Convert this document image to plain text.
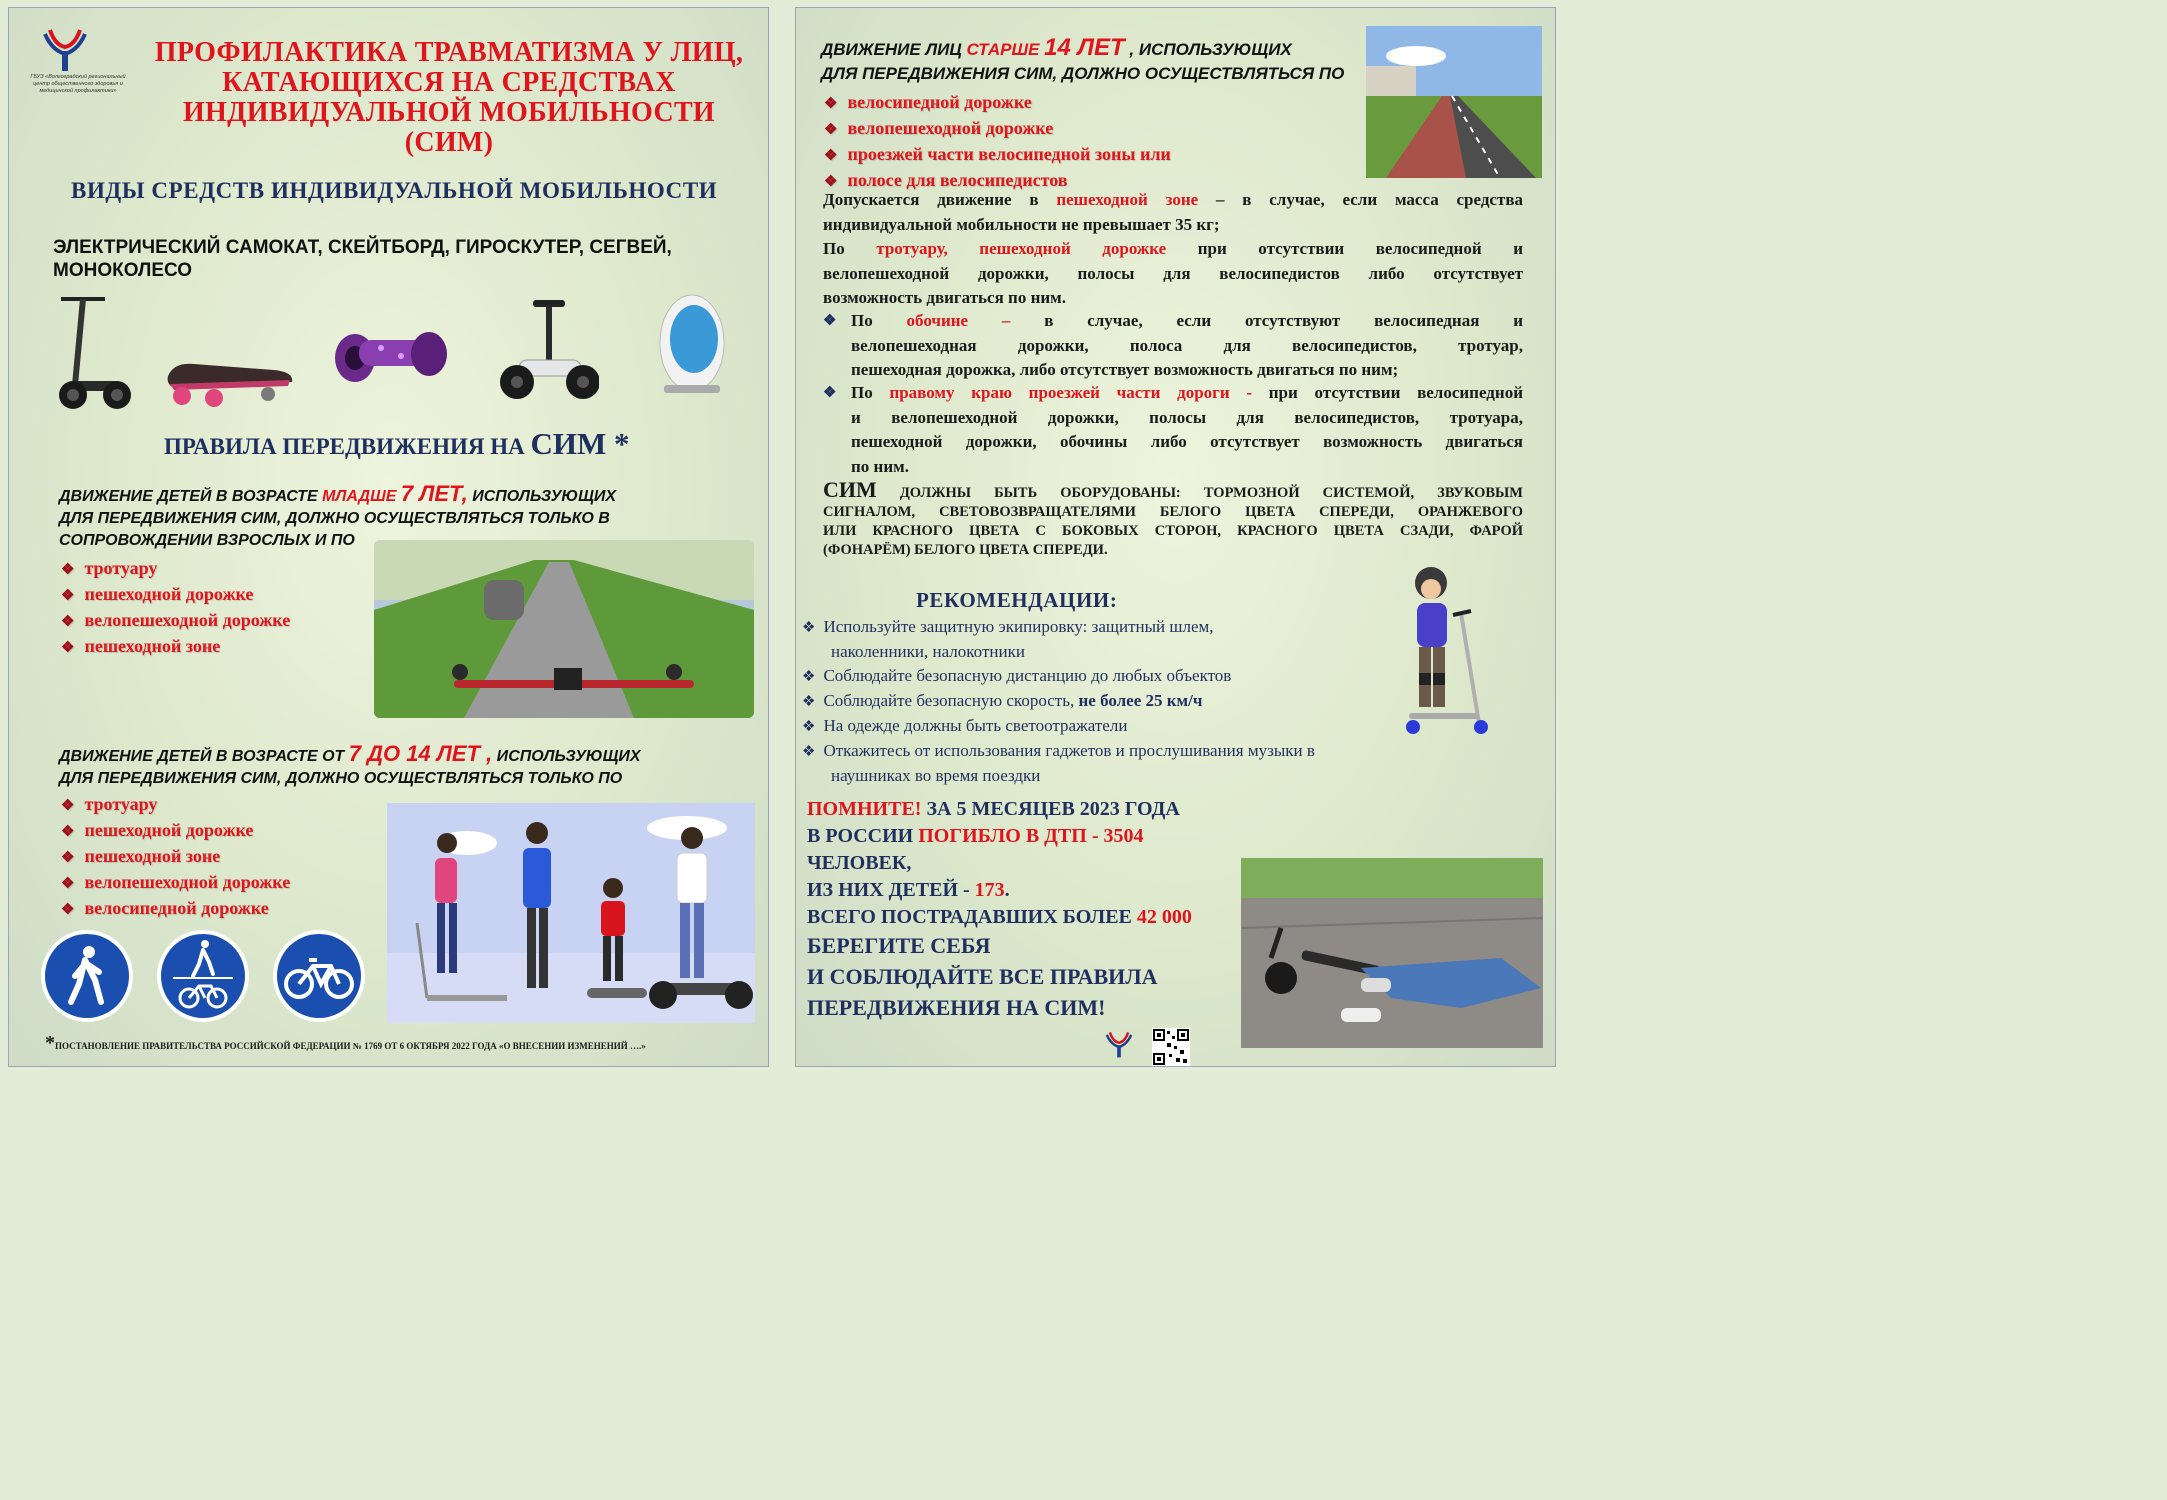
ГБУЗ «Волгоградский региональный центр общественного здоровья и медицинской профилактики»
ПРОФИЛАКТИКА ТРАВМАТИЗМА У ЛИЦ,
КАТАЮЩИХСЯ НА СРЕДСТВАХ
ИНДИВИДУАЛЬНОЙ МОБИЛЬНОСТИ
(СИМ)
ВИДЫ СРЕДСТВ ИНДИВИДУАЛЬНОЙ МОБИЛЬНОСТИ
ЭЛЕКТРИЧЕСКИЙ САМОКАТ, СКЕЙТБОРД, ГИРОСКУТЕР, СЕГВЕЙ, МОНОКОЛЕСО
ПРАВИЛА ПЕРЕДВИЖЕНИЯ НА СИМ *
ДВИЖЕНИЕ ДЕТЕЙ В ВОЗРАСТЕ МЛАДШЕ 7 ЛЕТ, ИСПОЛЬЗУЮЩИХ
ДЛЯ ПЕРЕДВИЖЕНИЯ СИМ, ДОЛЖНО ОСУЩЕСТВЛЯТЬСЯ ТОЛЬКО В
СОПРОВОЖДЕНИИ ВЗРОСЛЫХ И ПО
❖ тротуару
❖ пешеходной дорожке
❖ велопешеходной дорожке
❖ пешеходной зоне
ДВИЖЕНИЕ ДЕТЕЙ В ВОЗРАСТЕ ОТ 7 ДО 14 ЛЕТ , ИСПОЛЬЗУЮЩИХ
ДЛЯ ПЕРЕДВИЖЕНИЯ СИМ, ДОЛЖНО ОСУЩЕСТВЛЯТЬСЯ ТОЛЬКО ПО
❖ тротуару
❖ пешеходной дорожке
❖ пешеходной зоне
❖ велопешеходной дорожке
❖ велосипедной дорожке
*ПОСТАНОВЛЕНИЕ ПРАВИТЕЛЬСТВА РОССИЙСКОЙ ФЕДЕРАЦИИ № 1769 ОТ 6 ОКТЯБРЯ 2022 ГОДА «О ВНЕСЕНИИ ИЗМЕНЕНИЙ ….»
ДВИЖЕНИЕ ЛИЦ СТАРШЕ 14 ЛЕТ , ИСПОЛЬЗУЮЩИХ
ДЛЯ ПЕРЕДВИЖЕНИЯ СИМ, ДОЛЖНО ОСУЩЕСТВЛЯТЬСЯ ПО
❖ велосипедной дорожке
❖ велопешеходной дорожке
❖ проезжей части велосипедной зоны или
❖ полосе для велосипедистов
Допускается движение в пешеходной зоне – в случае, если масса средства
индивидуальной мобильности не превышает 35 кг;
По тротуару, пешеходной дорожке при отсутствии велосипедной и
велопешеходной дорожки, полосы для велосипедистов либо отсутствует
возможность двигаться по ним.
❖ По обочине – в случае, если отсутствуют велосипедная и
велопешеходная дорожки, полоса для велосипедистов, тротуар,
пешеходная дорожка, либо отсутствует возможность двигаться по ним;
❖ По правому краю проезжей части дороги - при отсутствии велосипедной
и велопешеходной дорожки, полосы для велосипедистов, тротуара,
пешеходной дорожки, обочины либо отсутствует возможность двигаться
по ним.
СИМ ДОЛЖНЫ БЫТЬ ОБОРУДОВАНЫ: ТОРМОЗНОЙ СИСТЕМОЙ, ЗВУКОВЫМ
СИГНАЛОМ, СВЕТОВОЗВРАЩАТЕЛЯМИ БЕЛОГО ЦВЕТА СПЕРЕДИ, ОРАНЖЕВОГО
ИЛИ КРАСНОГО ЦВЕТА С БОКОВЫХ СТОРОН, КРАСНОГО ЦВЕТА СЗАДИ, ФАРОЙ
(ФОНАРЁМ) БЕЛОГО ЦВЕТА СПЕРЕДИ.
РЕКОМЕНДАЦИИ:
❖ Используйте защитную экипировку: защитный шлем,
наколенники, налокотники
❖ Соблюдайте безопасную дистанцию до любых объектов
❖ Соблюдайте безопасную скорость, не более 25 км/ч
❖ На одежде должны быть светоотражатели
❖ Откажитесь от использования гаджетов и прослушивания музыки в
наушниках во время поездки
ПОМНИТЕ! ЗА 5 МЕСЯЦЕВ 2023 ГОДА
В РОССИИ ПОГИБЛО В ДТП - 3504 ЧЕЛОВЕК,
ИЗ НИХ ДЕТЕЙ - 173.
ВСЕГО ПОСТРАДАВШИХ БОЛЕЕ 42 000
БЕРЕГИТЕ СЕБЯ
И СОБЛЮДАЙТЕ ВСЕ ПРАВИЛА
ПЕРЕДВИЖЕНИЯ НА СИМ!
